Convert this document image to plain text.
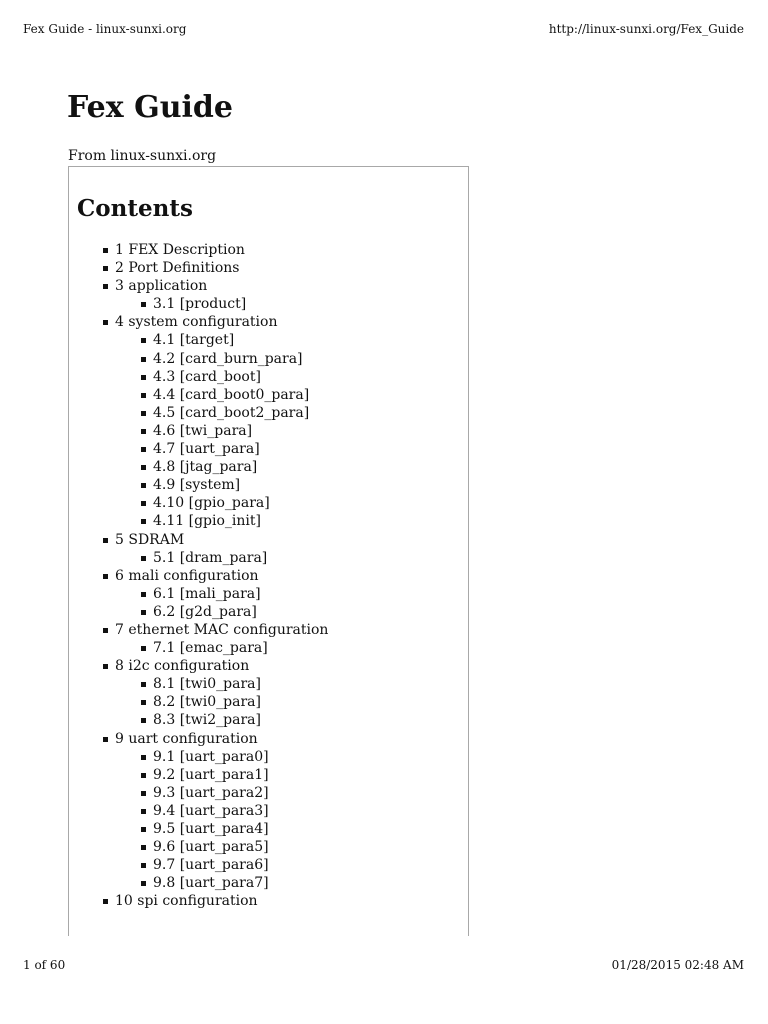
Fex Guide - linux-sunxi.org	http://linux-sunxi.org/Fex_Guide
Fex Guide
From linux-sunxi.org
Contents
1 FEX Description
2 Port Definitions
3 application
3.1 [product]
4 system configuration
4.1 [target]
4.2 [card_burn_para]
4.3 [card_boot]
4.4 [card_boot0_para]
4.5 [card_boot2_para]
4.6 [twi_para]
4.7 [uart_para]
4.8 [jtag_para]
4.9 [system]
4.10 [gpio_para]
4.11 [gpio_init]
5 SDRAM
5.1 [dram_para]
6 mali configuration
6.1 [mali_para]
6.2 [g2d_para]
7 ethernet MAC configuration
7.1 [emac_para]
8 i2c configuration
8.1 [twi0_para]
8.2 [twi0_para]
8.3 [twi2_para]
9 uart configuration
9.1 [uart_para0]
9.2 [uart_para1]
9.3 [uart_para2]
9.4 [uart_para3]
9.5 [uart_para4]
9.6 [uart_para5]
9.7 [uart_para6]
9.8 [uart_para7]
10 spi configuration
1 of 60	01/28/2015 02:48 AM
